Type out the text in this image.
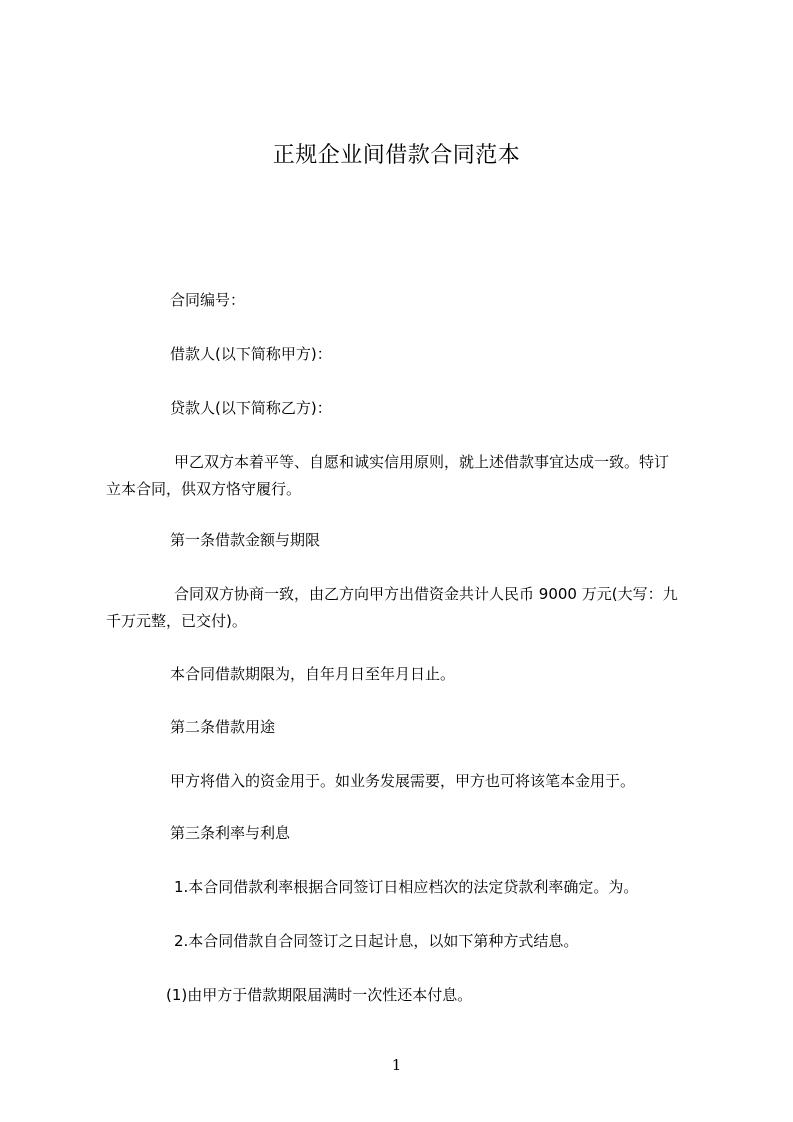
正规企业间借款合同范本
合同编号：
借款人(以下简称甲方)：
贷款人(以下简称乙方)：
甲乙双方本着平等、自愿和诚实信用原则，就上述借款事宜达成一致。特订
立本合同，供双方恪守履行。
第一条借款金额与期限
合同双方协商一致，由乙方向甲方出借资金共计人民币 9000 万元(大写：九
千万元整，已交付)。
本合同借款期限为，自年月日至年月日止。
第二条借款用途
甲方将借入的资金用于。如业务发展需要，甲方也可将该笔本金用于。
第三条利率与利息
1.本合同借款利率根据合同签订日相应档次的法定贷款利率确定。为。
2.本合同借款自合同签订之日起计息，以如下第种方式结息。
(1)由甲方于借款期限届满时一次性还本付息。
1
